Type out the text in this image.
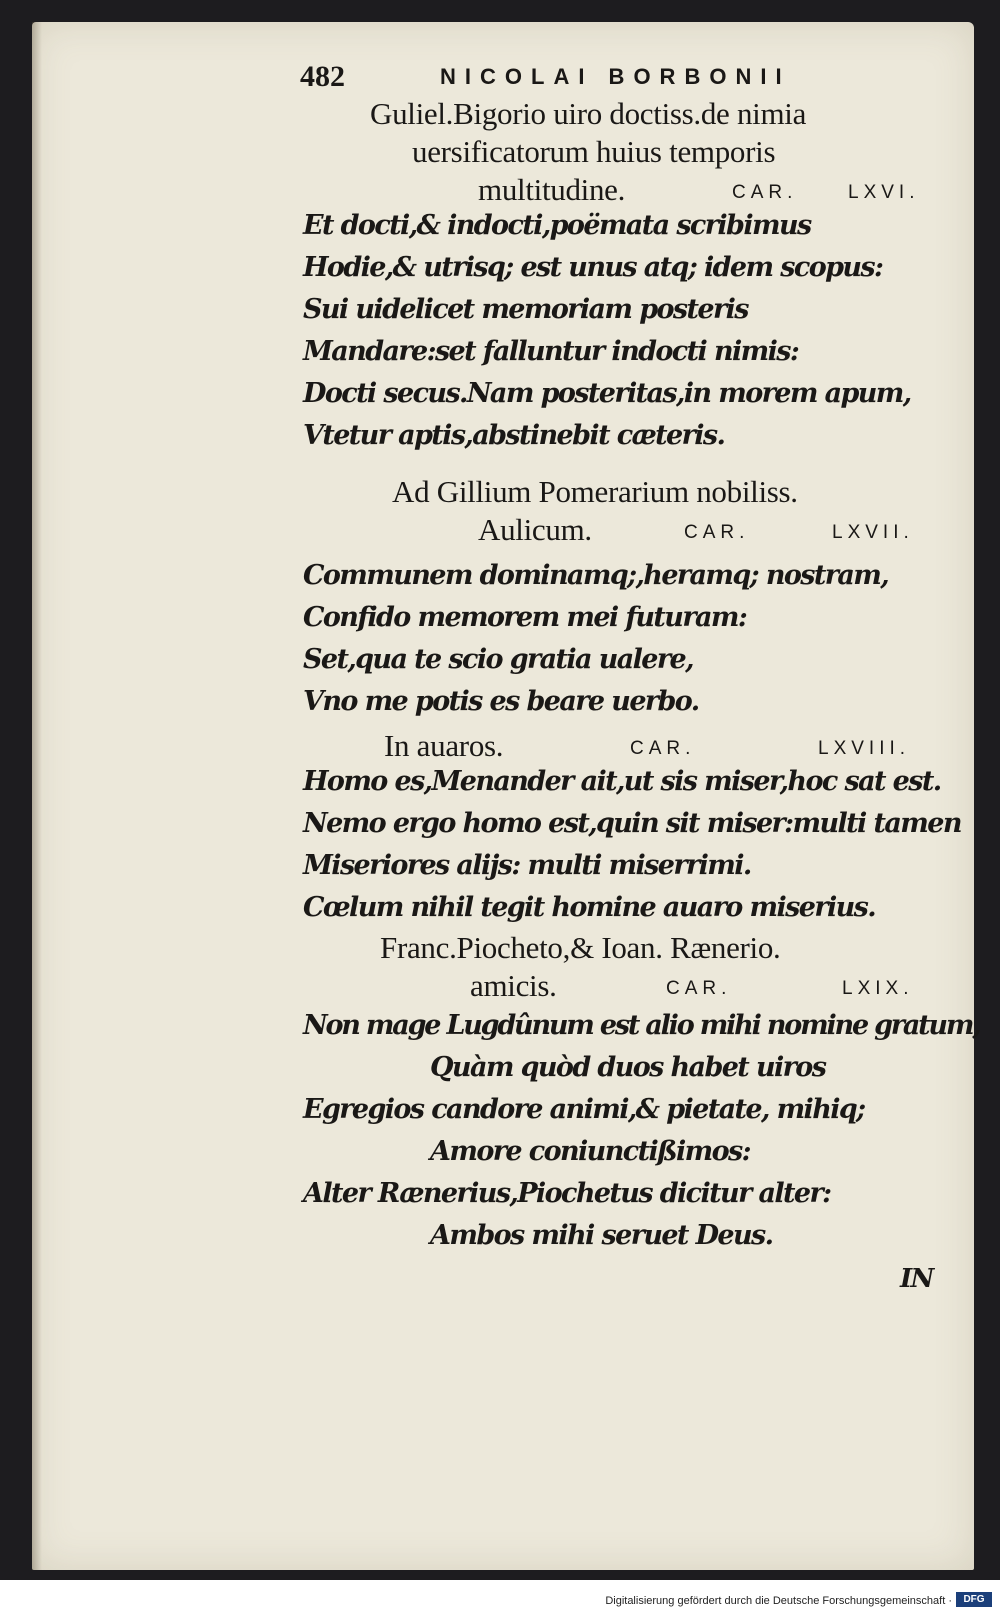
482	NICOLAI BORBONII
Guliel.Bigorio uiro doctiss.de nimia
uersificatorum huius temporis
multitudine.	CAR.	LXVI.
Et docti,& indocti,poëmata scribimus
Hodie,& utrisq; est unus atq; idem scopus:
Sui uidelicet memoriam posteris
Mandare:set falluntur indocti nimis:
Docti secus.Nam posteritas,in morem apum,
Vtetur aptis,abstinebit cæteris.
Ad Gillium Pomerarium nobiliss.
Aulicum.	CAR.	LXVII.
Communem dominamq;,heramq; nostram,
Confido memorem mei futuram:
Set,qua te scio gratia ualere,
Vno me potis es beare uerbo.
In auaros.	CAR.	LXVIII.
Homo es,Menander ait,ut sis miser,hoc sat est.
Nemo ergo homo est,quin sit miser:multi tamen
Miseriores alijs: multi miserrimi.
Cœlum nihil tegit homine auaro miserius.
Franc.Piocheto,& Ioan. Rænerio.
amicis.	CAR.	LXIX.
Non mage Lugdûnum est alio mihi nomine gratum,
Quàm quòd duos habet uiros
Egregios candore animi,& pietate, mihiq;
Amore coniunctißimos:
Alter Rænerius,Piochetus dicitur alter:
Ambos mihi seruet Deus.
IN
Digitalisierung gefördert durch die Deutsche Forschungsgemeinschaft ·	DFG
